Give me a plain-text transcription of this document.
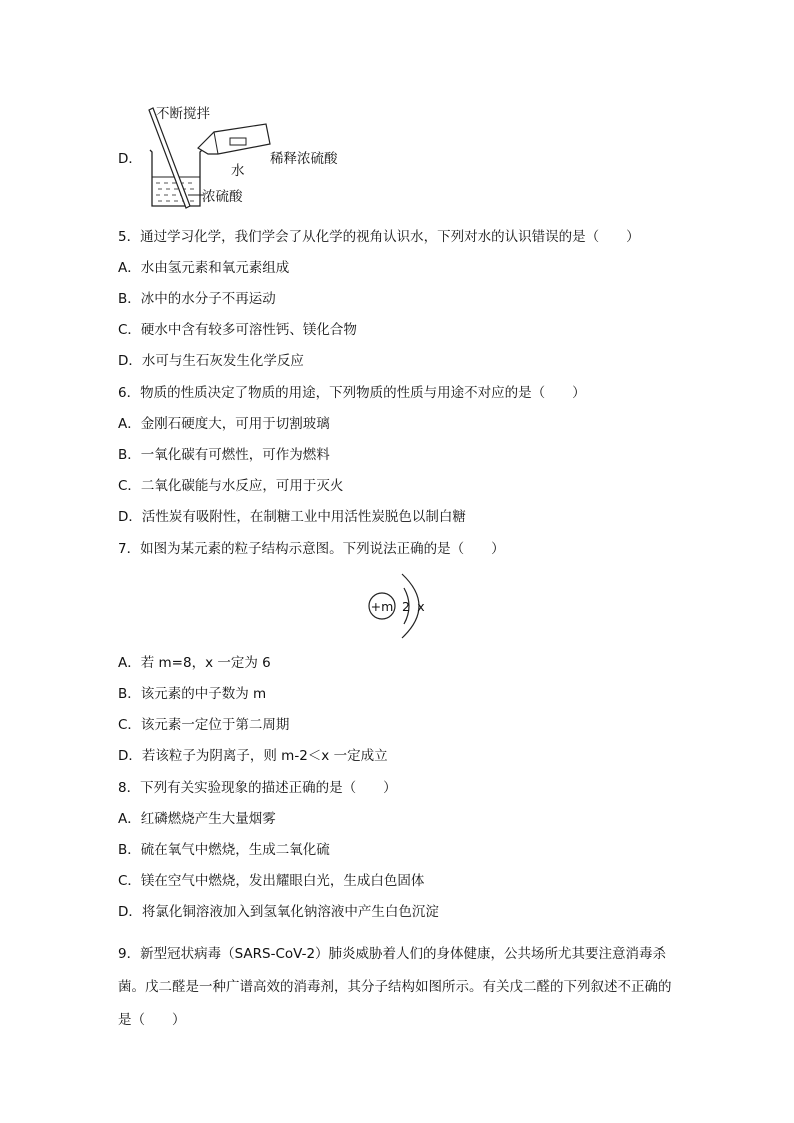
D．
不断搅拌
水
稀释浓硫酸
浓硫酸
5．通过学习化学，我们学会了从化学的视角认识水，下列对水的认识错误的是（　　）
A．水由氢元素和氧元素组成
B．冰中的水分子不再运动
C．硬水中含有较多可溶性钙、镁化合物
D．水可与生石灰发生化学反应
6．物质的性质决定了物质的用途，下列物质的性质与用途不对应的是（　　）
A．金刚石硬度大，可用于切割玻璃
B．一氧化碳有可燃性，可作为燃料
C．二氧化碳能与水反应，可用于灭火
D．活性炭有吸附性，在制糖工业中用活性炭脱色以制白糖
7．如图为某元素的粒子结构示意图。下列说法正确的是（　　）
+m 2 x
A．若 m=8，x 一定为 6
B．该元素的中子数为 m
C．该元素一定位于第二周期
D．若该粒子为阴离子，则 m-2＜x 一定成立
8．下列有关实验现象的描述正确的是（　　）
A．红磷燃烧产生大量烟雾
B．硫在氧气中燃烧，生成二氧化硫
C．镁在空气中燃烧，发出耀眼白光，生成白色固体
D．将氯化铜溶液加入到氢氧化钠溶液中产生白色沉淀
9．新型冠状病毒（SARS-CoV-2）肺炎威胁着人们的身体健康，公共场所尤其要注意消毒杀菌。戊二醛是一种广谱高效的消毒剂，其分子结构如图所示。有关戊二醛的下列叙述不正确的是（　　）
